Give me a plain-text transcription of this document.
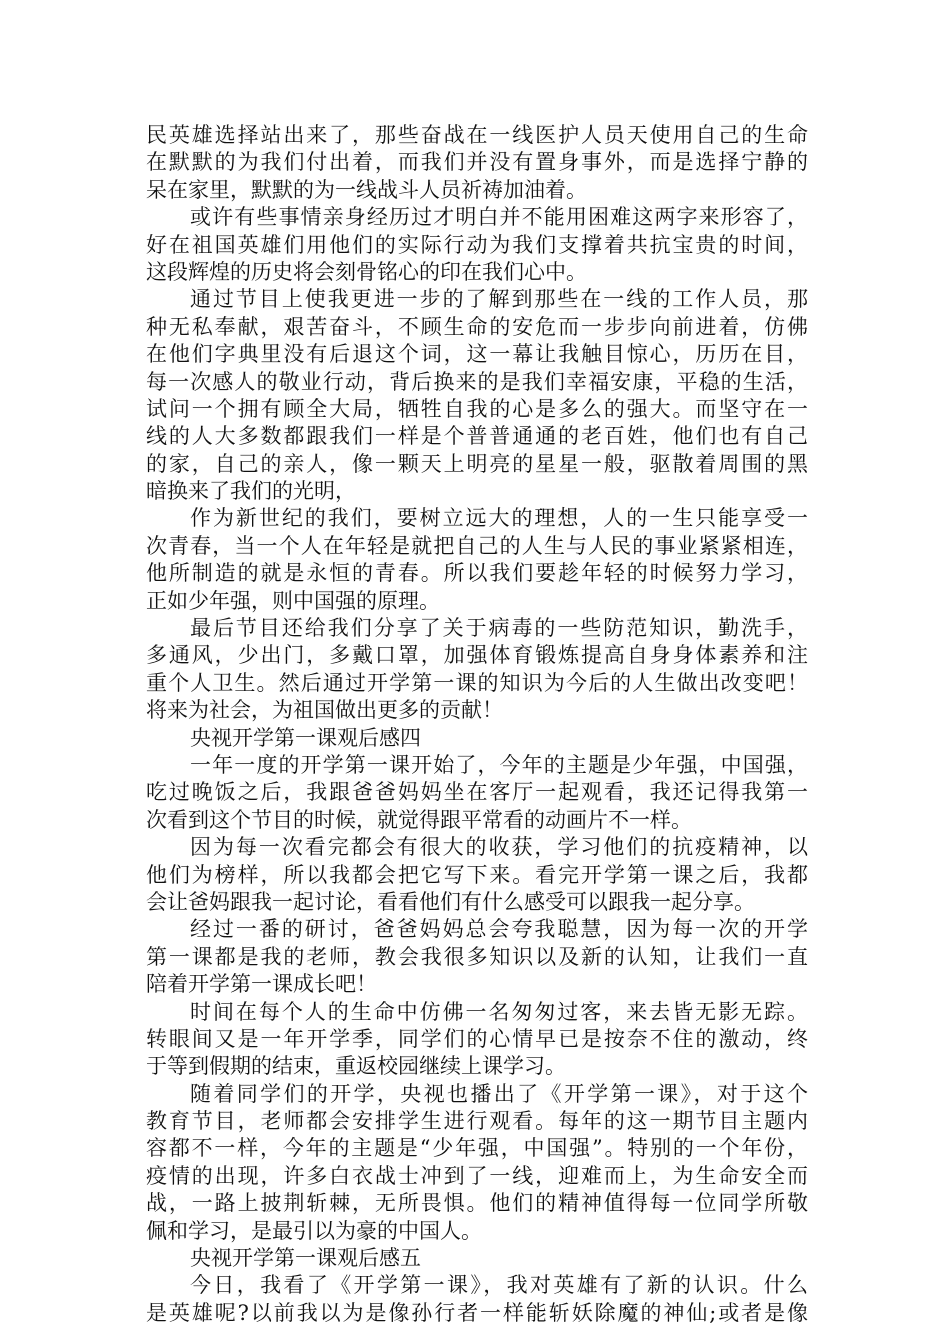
民英雄选择站出来了，那些奋战在一线医护人员天使用自己的生命
在默默的为我们付出着，而我们并没有置身事外，而是选择宁静的
呆在家里，默默的为一线战斗人员祈祷加油着。
或许有些事情亲身经历过才明白并不能用困难这两字来形容了，
好在祖国英雄们用他们的实际行动为我们支撑着共抗宝贵的时间，
这段辉煌的历史将会刻骨铭心的印在我们心中。
通过节目上使我更进一步的了解到那些在一线的工作人员，那
种无私奉献，艰苦奋斗，不顾生命的安危而一步步向前进着，仿佛
在他们字典里没有后退这个词，这一幕让我触目惊心，历历在目，
每一次感人的敬业行动，背后换来的是我们幸福安康，平稳的生活，
试问一个拥有顾全大局，牺牲自我的心是多么的强大。而坚守在一
线的人大多数都跟我们一样是个普普通通的老百姓，他们也有自己
的家，自己的亲人，像一颗天上明亮的星星一般，驱散着周围的黑
暗换来了我们的光明，
作为新世纪的我们，要树立远大的理想，人的一生只能享受一
次青春，当一个人在年轻是就把自己的人生与人民的事业紧紧相连，
他所制造的就是永恒的青春。所以我们要趁年轻的时候努力学习，
正如少年强，则中国强的原理。
最后节目还给我们分享了关于病毒的一些防范知识，勤洗手，
多通风，少出门，多戴口罩，加强体育锻炼提高自身身体素养和注
重个人卫生。然后通过开学第一课的知识为今后的人生做出改变吧！
将来为社会，为祖国做出更多的贡献！
央视开学第一课观后感四
一年一度的开学第一课开始了，今年的主题是少年强，中国强，
吃过晚饭之后，我跟爸爸妈妈坐在客厅一起观看，我还记得我第一
次看到这个节目的时候，就觉得跟平常看的动画片不一样。
因为每一次看完都会有很大的收获，学习他们的抗疫精神，以
他们为榜样，所以我都会把它写下来。看完开学第一课之后，我都
会让爸妈跟我一起讨论，看看他们有什么感受可以跟我一起分享。
经过一番的研讨，爸爸妈妈总会夸我聪慧，因为每一次的开学
第一课都是我的老师，教会我很多知识以及新的认知，让我们一直
陪着开学第一课成长吧！
时间在每个人的生命中仿佛一名匆匆过客，来去皆无影无踪。
转眼间又是一年开学季，同学们的心情早已是按奈不住的激动，终
于等到假期的结束，重返校园继续上课学习。
随着同学们的开学，央视也播出了《开学第一课》，对于这个
教育节目，老师都会安排学生进行观看。每年的这一期节目主题内
容都不一样，今年的主题是“少年强，中国强”。特别的一个年份，
疫情的出现，许多白衣战士冲到了一线，迎难而上，为生命安全而
战，一路上披荆斩棘，无所畏惧。他们的精神值得每一位同学所敬
佩和学习，是最引以为豪的中国人。
央视开学第一课观后感五
今日，我看了《开学第一课》，我对英雄有了新的认识。什么
是英雄呢?以前我以为是像孙行者一样能斩妖除魔的神仙;或者是像
